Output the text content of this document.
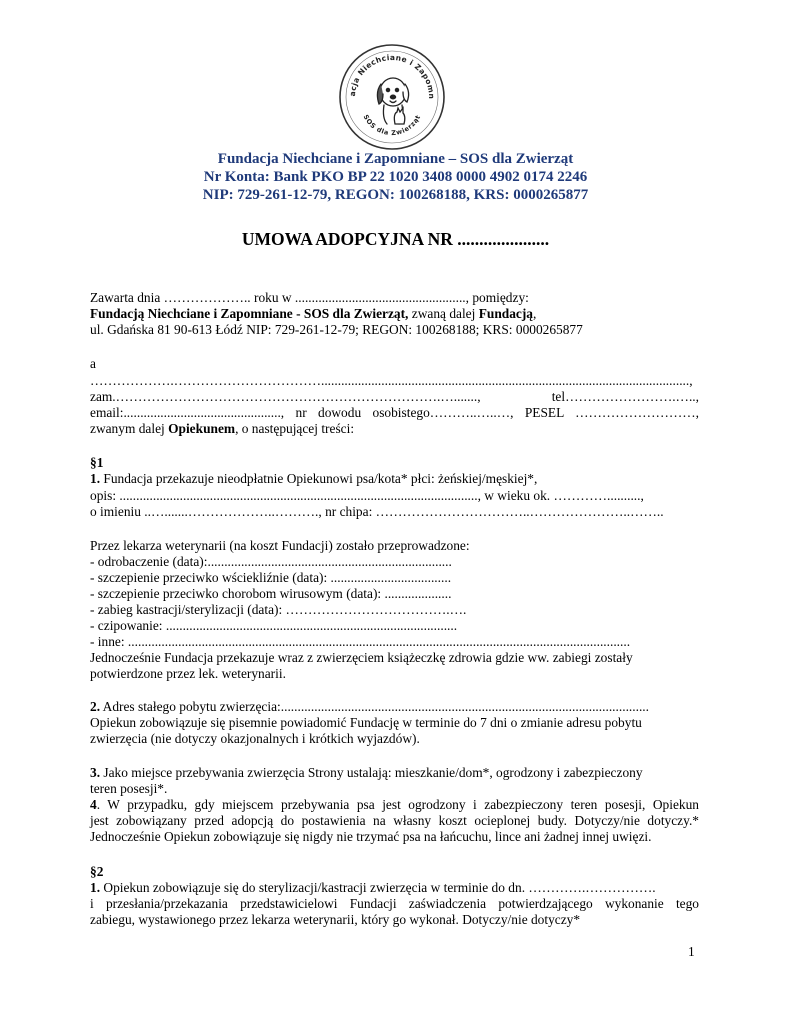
acja Niechciane i Zapomn
SOS dla Zwierząt
Fundacja Niechciane i Zapomniane – SOS dla Zwierząt
Nr Konta: Bank PKO BP 22 1020 3408 0000 4902 0174 2246
NIP: 729-261-12-79, REGON: 100268188, KRS: 0000265877
UMOWA ADOPCYJNA NR .....................
Zawarta dnia ……………….. roku w ..................................................., pomiędzy:
Fundacją Niechciane i Zapomniane - SOS dla Zwierząt, zwaną dalej Fundacją,
ul. Gdańska 81 90-613 Łódź NIP: 729-261-12-79; REGON: 100268188; KRS: 0000265877
a
……………….……………………………..............................................................................................................,
zam.……………………………………………………………….….......,	tel…………………….…..,
email:..............................................., nr dowodu osobistego………..…..…, PESEL ………………………,
zwanym dalej Opiekunem, o następującej treści:
§1
1. Fundacja przekazuje nieodpłatnie Opiekunowi psa/kota* płci: żeńskiej/męskiej*,
opis: ..........................................................................................................., w wieku ok. …………..........,
o imieniu ..….......………………..………., nr chipa: ……………………………..…………………..……..
Przez lekarza weterynarii (na koszt Fundacji) zostało przeprowadzone:
- odrobaczenie (data):.........................................................................
- szczepienie przeciwko wściekliźnie (data): ....................................
- szczepienie przeciwko chorobom wirusowym (data): ....................
- zabieg kastracji/sterylizacji (data): ……………………………….….
- czipowanie: .......................................................................................
- inne: ......................................................................................................................................................
Jednocześnie Fundacja przekazuje wraz z zwierzęciem książeczkę zdrowia gdzie ww. zabiegi zostały
potwierdzone przez lek. weterynarii.
2. Adres stałego pobytu zwierzęcia:..............................................................................................................
Opiekun zobowiązuje się pisemnie powiadomić Fundację w terminie do 7 dni o zmianie adresu pobytu
zwierzęcia (nie dotyczy okazjonalnych i krótkich wyjazdów).
3. Jako miejsce przebywania zwierzęcia Strony ustalają: mieszkanie/dom*, ogrodzony i zabezpieczony
teren posesji*.
4. W przypadku, gdy miejscem przebywania psa jest ogrodzony i zabezpieczony teren posesji, Opiekun
jest zobowiązany przed adopcją do postawienia na własny koszt ocieplonej budy. Dotyczy/nie dotyczy.*
Jednocześnie Opiekun zobowiązuje się nigdy nie trzymać psa na łańcuchu, lince ani żadnej innej uwięzi.
§2
1. Opiekun zobowiązuje się do sterylizacji/kastracji zwierzęcia w terminie do dn. ………….…………….
i przesłania/przekazania przedstawicielowi Fundacji zaświadczenia potwierdzającego wykonanie tego
zabiegu, wystawionego przez lekarza weterynarii, który go wykonał. Dotyczy/nie dotyczy*
1
